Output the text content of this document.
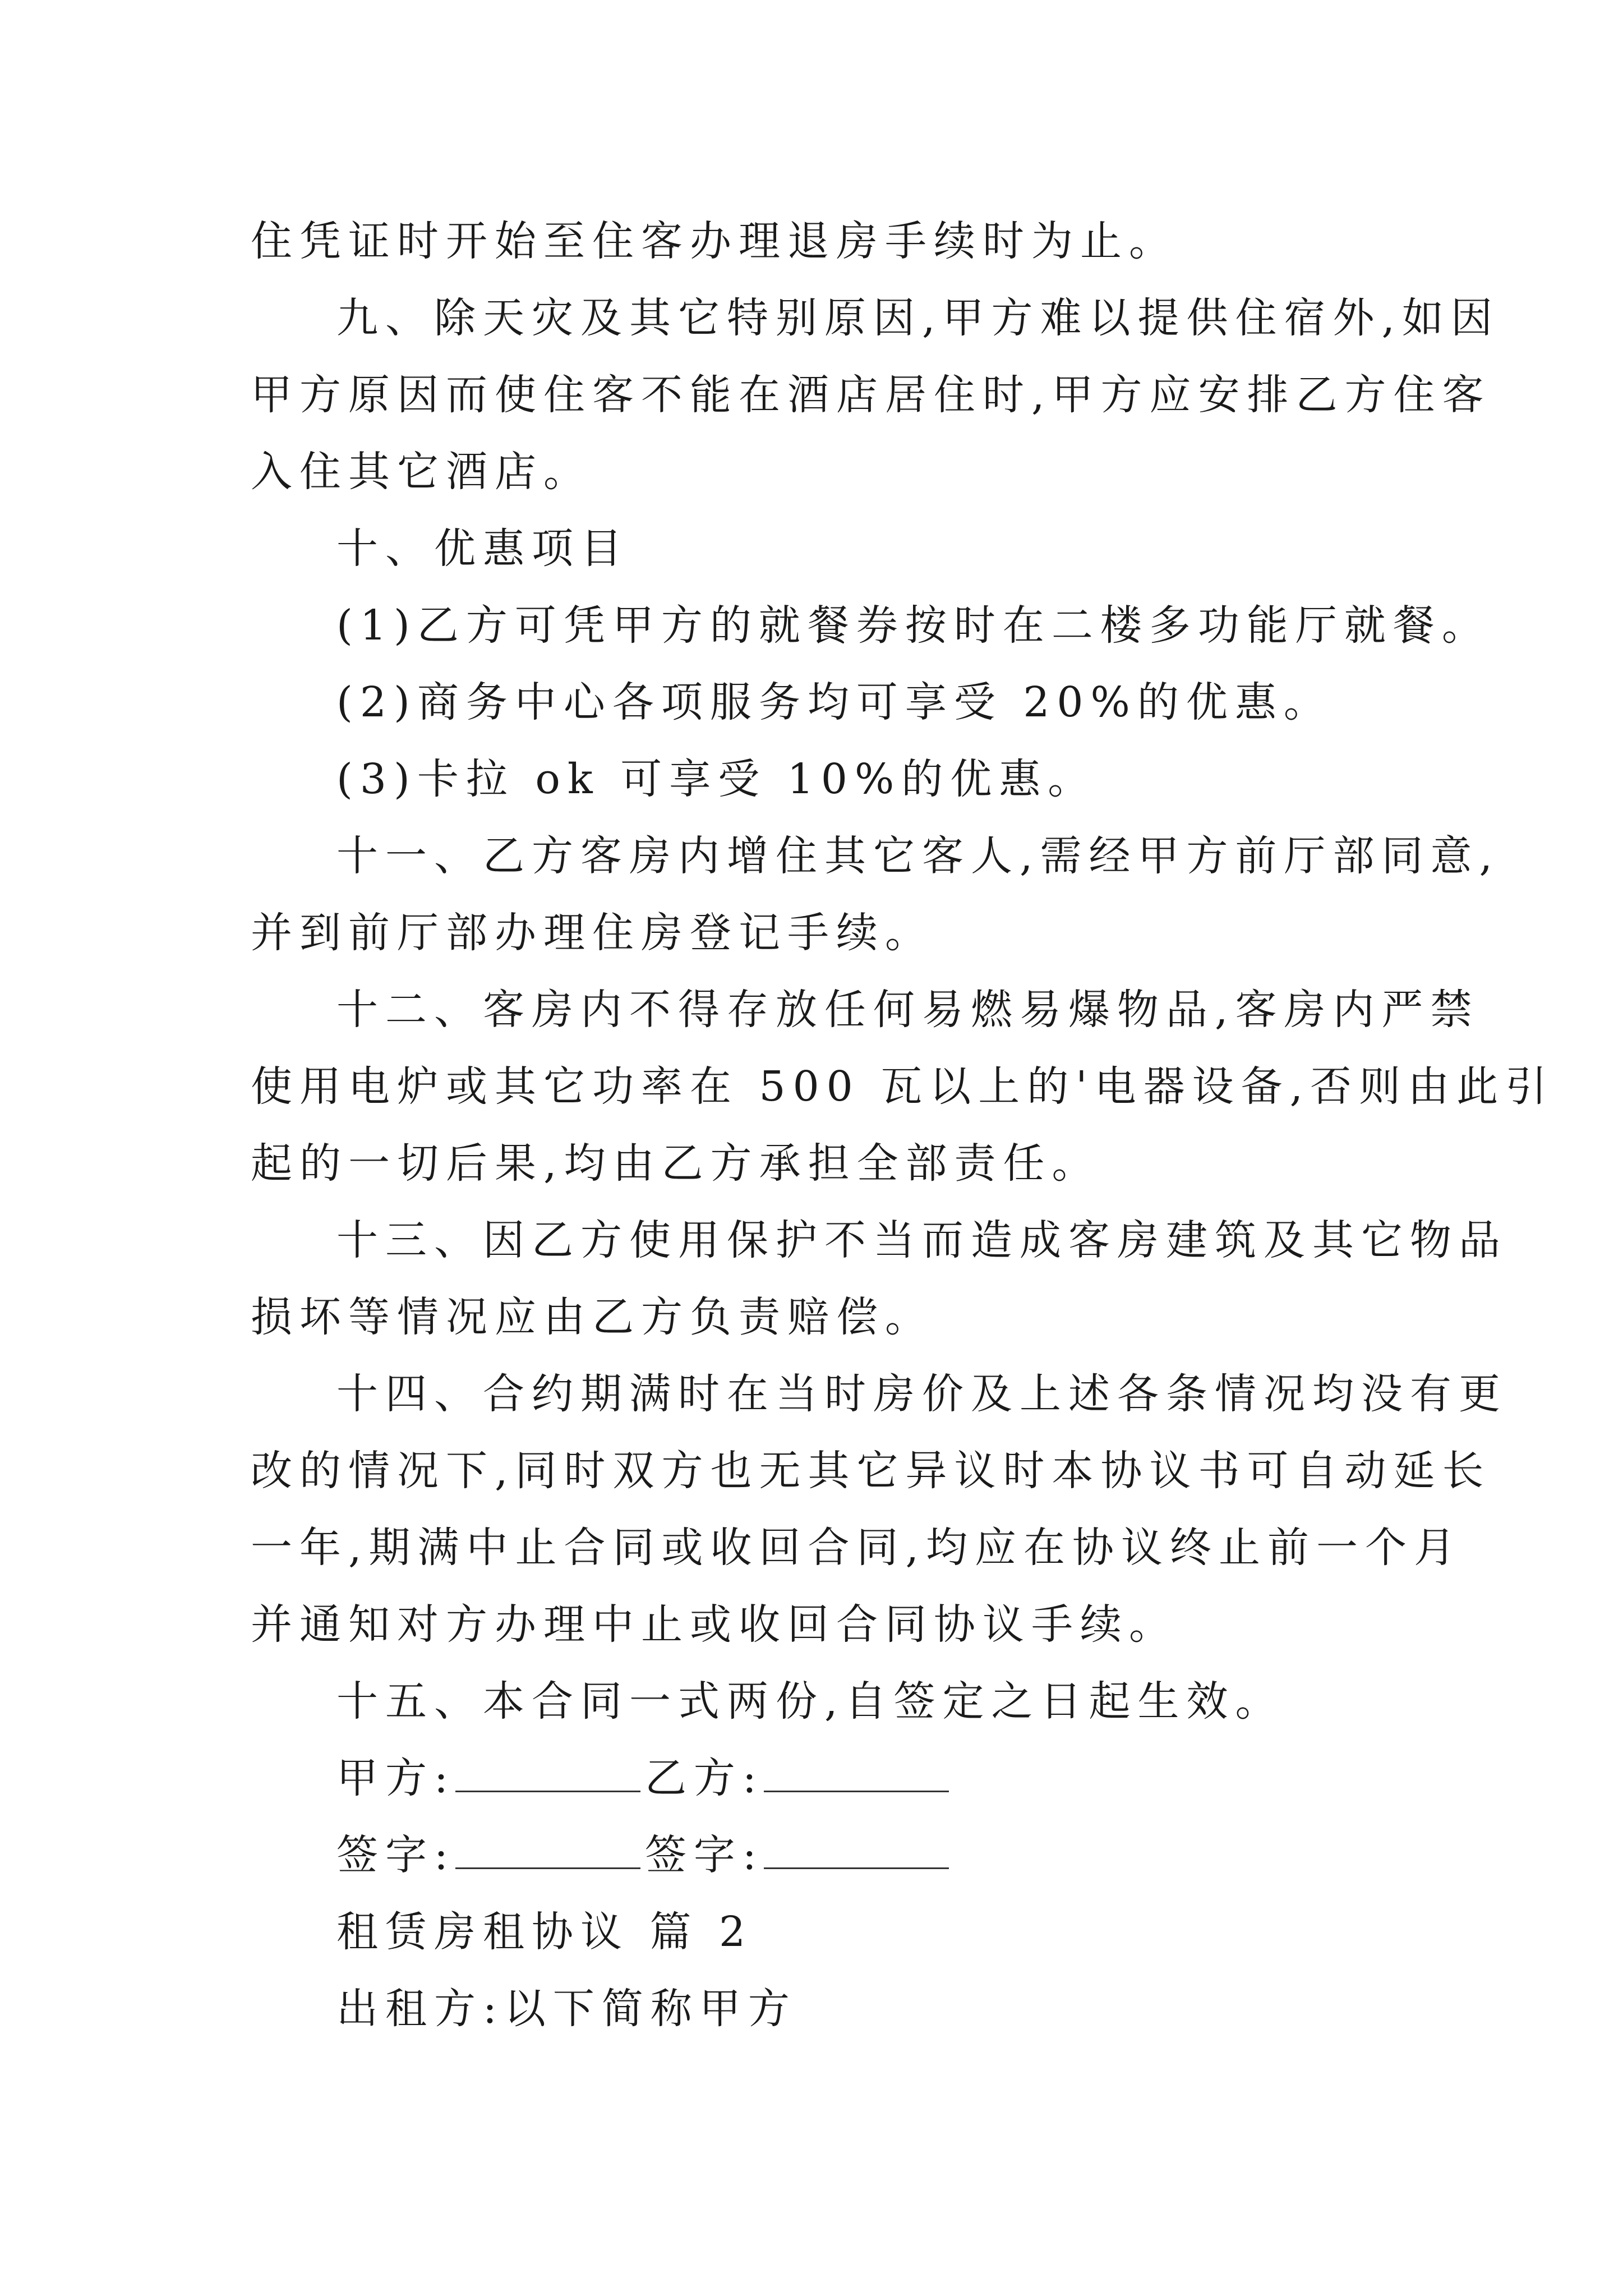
住凭证时开始至住客办理退房手续时为止。
九、除天灾及其它特别原因,甲方难以提供住宿外,如因
甲方原因而使住客不能在酒店居住时,甲方应安排乙方住客
入住其它酒店。
十、优惠项目
(1)乙方可凭甲方的就餐券按时在二楼多功能厅就餐。
(2)商务中心各项服务均可享受 20%的优惠。
(3)卡拉 ok 可享受 10%的优惠。
十一、乙方客房内增住其它客人,需经甲方前厅部同意,
并到前厅部办理住房登记手续。
十二、客房内不得存放任何易燃易爆物品,客房内严禁
使用电炉或其它功率在 500 瓦以上的'电器设备,否则由此引
起的一切后果,均由乙方承担全部责任。
十三、因乙方使用保护不当而造成客房建筑及其它物品
损坏等情况应由乙方负责赔偿。
十四、合约期满时在当时房价及上述各条情况均没有更
改的情况下,同时双方也无其它异议时本协议书可自动延长
一年,期满中止合同或收回合同,均应在协议终止前一个月
并通知对方办理中止或收回合同协议手续。
十五、本合同一式两份,自签定之日起生效。
甲方:	乙方:
签字:	签字:
租赁房租协议 篇 2
出租方:以下简称甲方
